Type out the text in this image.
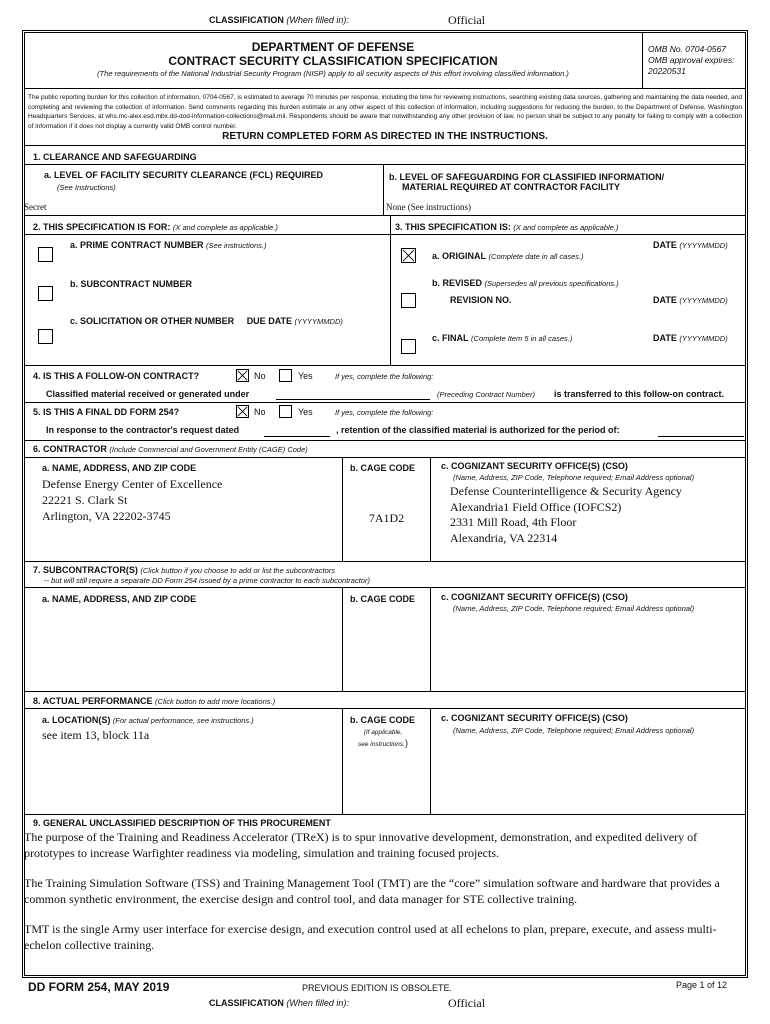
CLASSIFICATION (When filled in):	Official
DEPARTMENT OF DEFENSE
CONTRACT SECURITY CLASSIFICATION SPECIFICATION
(The requirements of the National Industrial Security Program (NISP) apply to all security aspects of this effort involving classified information.)
OMB No. 0704-0567
OMB approval expires:
20220531
The public reporting burden for this collection of information, 0704-0567, is estimated to average 70 minutes per response, including the time for reviewing instructions, searching existing data sources, gathering and maintaining the data needed, and completing and reviewing the collection of information. Send comments regarding this burden estimate or any other aspect of this collection of information, including suggestions for reducing the burden, to the Department of Defense, Washington Headquarters Services, at whs.mc-alex.esd.mbx.dd-dod-information-collections@mail.mil. Respondents should be aware that notwithstanding any other provision of law, no person shall be subject to any penalty for failing to comply with a collection of information if it does not display a currently valid OMB control number.
RETURN COMPLETED FORM AS DIRECTED IN THE INSTRUCTIONS.
1. CLEARANCE AND SAFEGUARDING
a. LEVEL OF FACILITY SECURITY CLEARANCE (FCL) REQUIRED
(See Instructions)
Secret
b. LEVEL OF SAFEGUARDING FOR CLASSIFIED INFORMATION/
MATERIAL REQUIRED AT CONTRACTOR FACILITY
None (See instructions)
2. THIS SPECIFICATION IS FOR: (X and complete as applicable.)	3. THIS SPECIFICATION IS: (X and complete as applicable.)
a. PRIME CONTRACT NUMBER (See instructions.)
b. SUBCONTRACT NUMBER
c. SOLICITATION OR OTHER NUMBER DUE DATE (YYYYMMDD)
a. ORIGINAL (Complete date in all cases.)
DATE (YYYYMMDD)
b. REVISED (Supersedes all previous specifications.)
REVISION NO.	DATE (YYYYMMDD)
c. FINAL (Complete Item 5 in all cases.)	DATE (YYYYMMDD)
4. IS THIS A FOLLOW-ON CONTRACT?	No	Yes	If yes, complete the following:
Classified material received or generated under	(Preceding Contract Number) is transferred to this follow-on contract.
5. IS THIS A FINAL DD FORM 254?	No	Yes	If yes, complete the following:
In response to the contractor's request dated	, retention of the classified material is authorized for the period of:
6. CONTRACTOR (Include Commercial and Government Entity (CAGE) Code)
a. NAME, ADDRESS, AND ZIP CODE	b. CAGE CODE	c. COGNIZANT SECURITY OFFICE(S) (CSO)
(Name, Address, ZIP Code, Telephone required; Email Address optional)
Defense Energy Center of Excellence
22221 S. Clark St
Arlington, VA 22202-3745	7A1D2
Defense Counterintelligence & Security Agency
Alexandria1 Field Office (IOFCS2)
2331 Mill Road, 4th Floor
Alexandria, VA 22314
7. SUBCONTRACTOR(S) (Click button if you choose to add or list the subcontractors
-- but will still require a separate DD Form 254 issued by a prime contractor to each subcontractor)
a. NAME, ADDRESS, AND ZIP CODE	b. CAGE CODE	c. COGNIZANT SECURITY OFFICE(S) (CSO)
(Name, Address, ZIP Code, Telephone required; Email Address optional)
8. ACTUAL PERFORMANCE (Click button to add more locations.)
a. LOCATION(S) (For actual performance, see instructions.)
see item 13, block 11a
b. CAGE CODE
(If applicable,
see instructions.)
c. COGNIZANT SECURITY OFFICE(S) (CSO)
(Name, Address, ZIP Code, Telephone required; Email Address optional)
9. GENERAL UNCLASSIFIED DESCRIPTION OF THIS PROCUREMENT
The purpose of the Training and Readiness Accelerator (TReX) is to spur innovative development, demonstration, and expedited delivery of prototypes to increase Warfighter readiness via modeling, simulation and training focused projects.
The Training Simulation Software (TSS) and Training Management Tool (TMT) are the “core” simulation software and hardware that provides a common synthetic environment, the exercise design and control tool, and data manager for STE collective training.
TMT is the single Army user interface for exercise design, and execution control used at all echelons to plan, prepare, execute, and assess multi-echelon collective training.
DD FORM 254, MAY 2019	PREVIOUS EDITION IS OBSOLETE.	Page 1 of 12
CLASSIFICATION (When filled in):	Official
